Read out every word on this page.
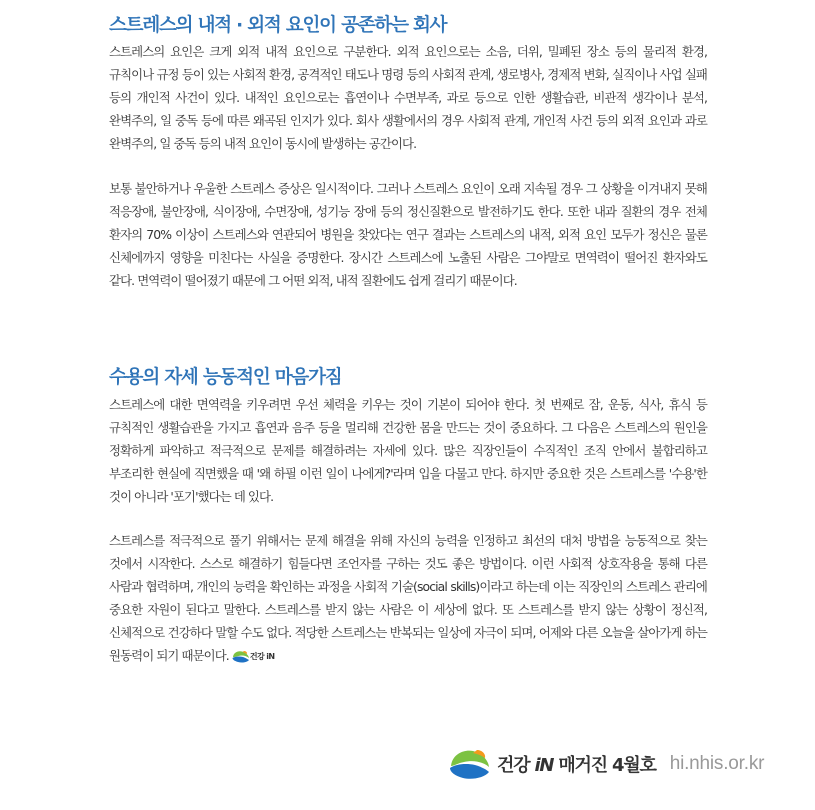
스트레스의 내적 · 외적 요인이 공존하는 회사

스트레스의 요인은 크게 외적 내적 요인으로 구분한다. 외적 요인으로는 소음, 더위, 밀폐된 장소 등의 물리적 환경, 규칙이나 규정 등이 있는 사회적 환경, 공격적인 태도나 명령 등의 사회적 관계, 생로병사, 경제적 변화, 실직이나 사업 실패 등의 개인적 사건이 있다. 내적인 요인으로는 흡연이나 수면부족, 과로 등으로 인한 생활습관, 비관적 생각이나 분석, 완벽주의, 일 중독 등에 따른 왜곡된 인지가 있다. 회사 생활에서의 경우 사회적 관계, 개인적 사건 등의 외적 요인과 과로 완벽주의, 일 중독 등의 내적 요인이 동시에 발생하는 공간이다.

보통 불안하거나 우울한 스트레스 증상은 일시적이다. 그러나 스트레스 요인이 오래 지속될 경우 그 상황을 이겨내지 못해 적응장애, 불안장애, 식이장애, 수면장애, 성기능 장애 등의 정신질환으로 발전하기도 한다. 또한 내과 질환의 경우 전체 환자의 70% 이상이 스트레스와 연관되어 병원을 찾았다는 연구 결과는 스트레스의 내적, 외적 요인 모두가 정신은 물론 신체에까지 영향을 미친다는 사실을 증명한다. 장시간 스트레스에 노출된 사람은 그야말로 면역력이 떨어진 환자와도 같다. 면역력이 떨어졌기 때문에 그 어떤 외적, 내적 질환에도 쉽게 걸리기 때문이다.

수용의 자세 능동적인 마음가짐

스트레스에 대한 면역력을 키우려면 우선 체력을 키우는 것이 기본이 되어야 한다. 첫 번째로 잠, 운동, 식사, 휴식 등 규칙적인 생활습관을 가지고 흡연과 음주 등을 멀리해 건강한 몸을 만드는 것이 중요하다. 그 다음은 스트레스의 원인을 정확하게 파악하고 적극적으로 문제를 해결하려는 자세에 있다. 많은 직장인들이 수직적인 조직 안에서 불합리하고 부조리한 현실에 직면했을 때 '왜 하필 이런 일이 나에게?'라며 입을 다물고 만다. 하지만 중요한 것은 스트레스를 '수용'한 것이 아니라 '포기'했다는 데 있다.

스트레스를 적극적으로 풀기 위해서는 문제 해결을 위해 자신의 능력을 인정하고 최선의 대처 방법을 능동적으로 찾는 것에서 시작한다. 스스로 해결하기 힘들다면 조언자를 구하는 것도 좋은 방법이다. 이런 사회적 상호작용을 통해 다른 사람과 협력하며, 개인의 능력을 확인하는 과정을 사회적 기술(social skills)이라고 하는데 이는 직장인의 스트레스 관리에 중요한 자원이 된다고 말한다. 스트레스를 받지 않는 사람은 이 세상에 없다. 또 스트레스를 받지 않는 상황이 정신적, 신체적으로 건강하다 말할 수도 없다. 적당한 스트레스는 반복되는 일상에 자극이 되며, 어제와 다른 오늘을 살아가게 하는 원동력이 되기 때문이다.	건강 iN

건강 iN 매거진 4월호 hi.nhis.or.kr
